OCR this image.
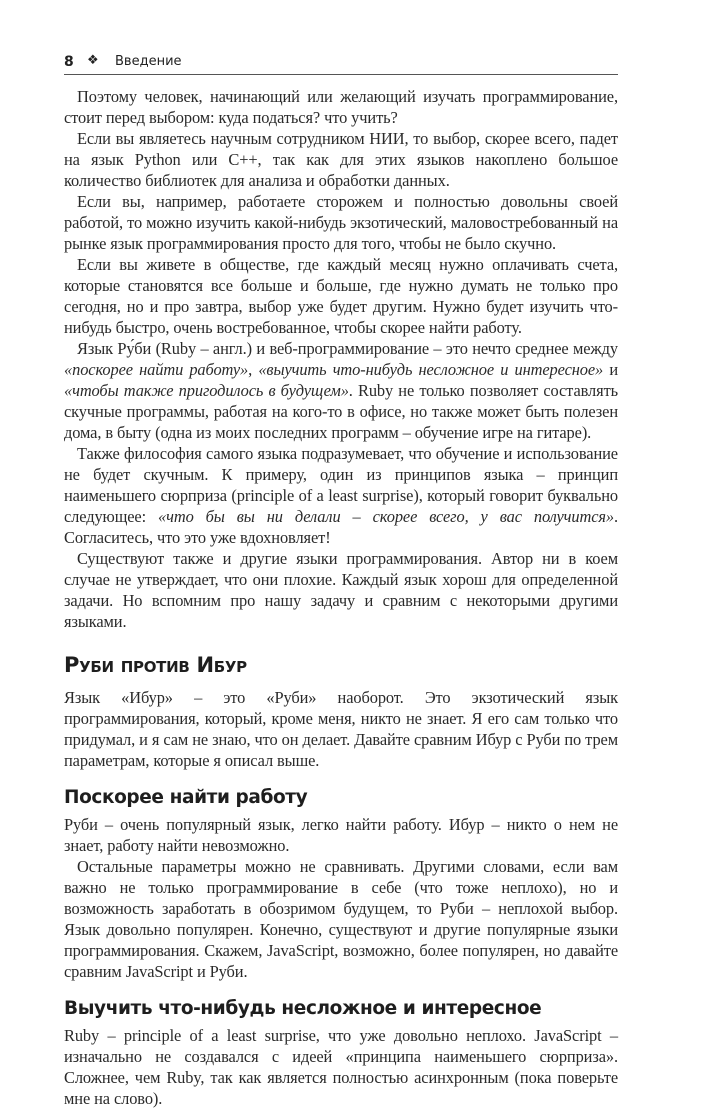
8 ❖ Введение

Поэтому человек, начинающий или желающий изучать программирование, стоит перед выбором: куда податься? что учить?

Если вы являетесь научным сотрудником НИИ, то выбор, скорее всего, падет на язык Python или C++, так как для этих языков накоплено большое количество библиотек для анализа и обработки данных.

Если вы, например, работаете сторожем и полностью довольны своей работой, то можно изучить какой-нибудь экзотический, маловостребованный на рынке язык программирования просто для того, чтобы не было скучно.

Если вы живете в обществе, где каждый месяц нужно оплачивать счета, которые становятся все больше и больше, где нужно думать не только про сегодня, но и про завтра, выбор уже будет другим. Нужно будет изучить что-нибудь быстро, очень востребованное, чтобы скорее найти работу.

Язык Ру́би (Ruby – англ.) и веб-программирование – это нечто среднее между «поскорее найти работу», «выучить что-нибудь несложное и интересное» и «чтобы также пригодилось в будущем». Ruby не только позволяет составлять скучные программы, работая на кого-то в офисе, но также может быть полезен дома, в быту (одна из моих последних программ – обучение игре на гитаре).

Также философия самого языка подразумевает, что обучение и использование не будет скучным. К примеру, один из принципов языка – принцип наименьшего сюрприза (principle of a least surprise), который говорит буквально следующее: «что бы вы ни делали – скорее всего, у вас получится». Согласитесь, что это уже вдохновляет!

Существуют также и другие языки программирования. Автор ни в коем случае не утверждает, что они плохие. Каждый язык хорош для определенной задачи. Но вспомним про нашу задачу и сравним с некоторыми другими языками.

Руби против Ибур

Язык «Ибур» – это «Руби» наоборот. Это экзотический язык программирования, который, кроме меня, никто не знает. Я его сам только что придумал, и я сам не знаю, что он делает. Давайте сравним Ибур с Руби по трем параметрам, которые я описал выше.

Поскорее найти работу

Руби – очень популярный язык, легко найти работу. Ибур – никто о нем не знает, работу найти невозможно.

Остальные параметры можно не сравнивать. Другими словами, если вам важно не только программирование в себе (что тоже неплохо), но и возможность заработать в обозримом будущем, то Руби – неплохой выбор. Язык довольно популярен. Конечно, существуют и другие популярные языки программирования. Скажем, JavaScript, возможно, более популярен, но давайте сравним JavaScript и Руби.

Выучить что-нибудь несложное и интересное

Ruby – principle of a least surprise, что уже довольно неплохо. JavaScript – изначально не создавался с идеей «принципа наименьшего сюрприза». Сложнее, чем Ruby, так как является полностью асинхронным (пока поверьте мне на слово).
